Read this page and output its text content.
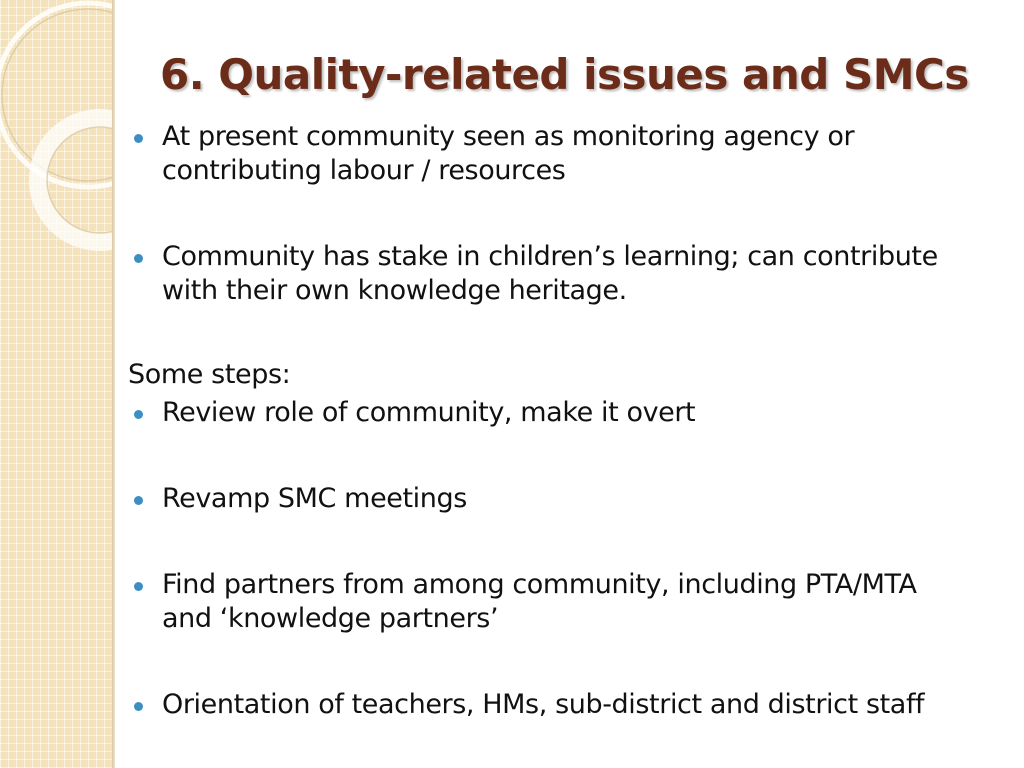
6. Quality-related issues and SMCs
At present community seen as monitoring agency or contributing labour / resources
Community has stake in children’s learning; can contribute with their own knowledge heritage.
Some steps:
Review role of community, make it overt
Revamp SMC meetings
Find partners from among community, including PTA/MTA and ‘knowledge partners’
Orientation of teachers, HMs, sub-district and district staff
